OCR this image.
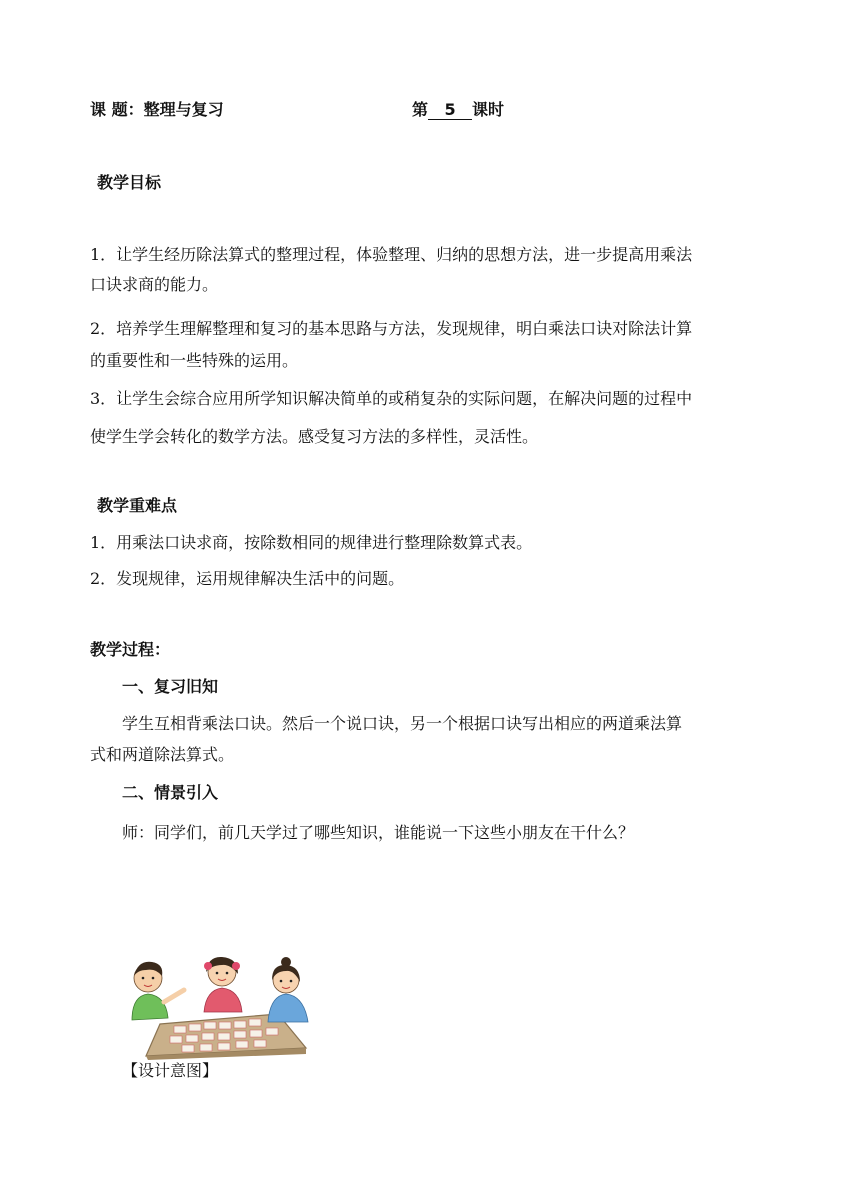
课 题：整理与复习	第 5 课时
教学目标
1．让学生经历除法算式的整理过程，体验整理、归纳的思想方法，进一步提高用乘法
口诀求商的能力。
2．培养学生理解整理和复习的基本思路与方法，发现规律，明白乘法口诀对除法计算
的重要性和一些特殊的运用。
3．让学生会综合应用所学知识解决简单的或稍复杂的实际问题，在解决问题的过程中
使学生学会转化的数学方法。感受复习方法的多样性，灵活性。
教学重难点
1．用乘法口诀求商，按除数相同的规律进行整理除数算式表。
2．发现规律，运用规律解决生活中的问题。
教学过程：
一、复习旧知
学生互相背乘法口诀。然后一个说口诀，另一个根据口诀写出相应的两道乘法算
式和两道除法算式。
二、情景引入
师：同学们，前几天学过了哪些知识，谁能说一下这些小朋友在干什么？
【设计意图】
